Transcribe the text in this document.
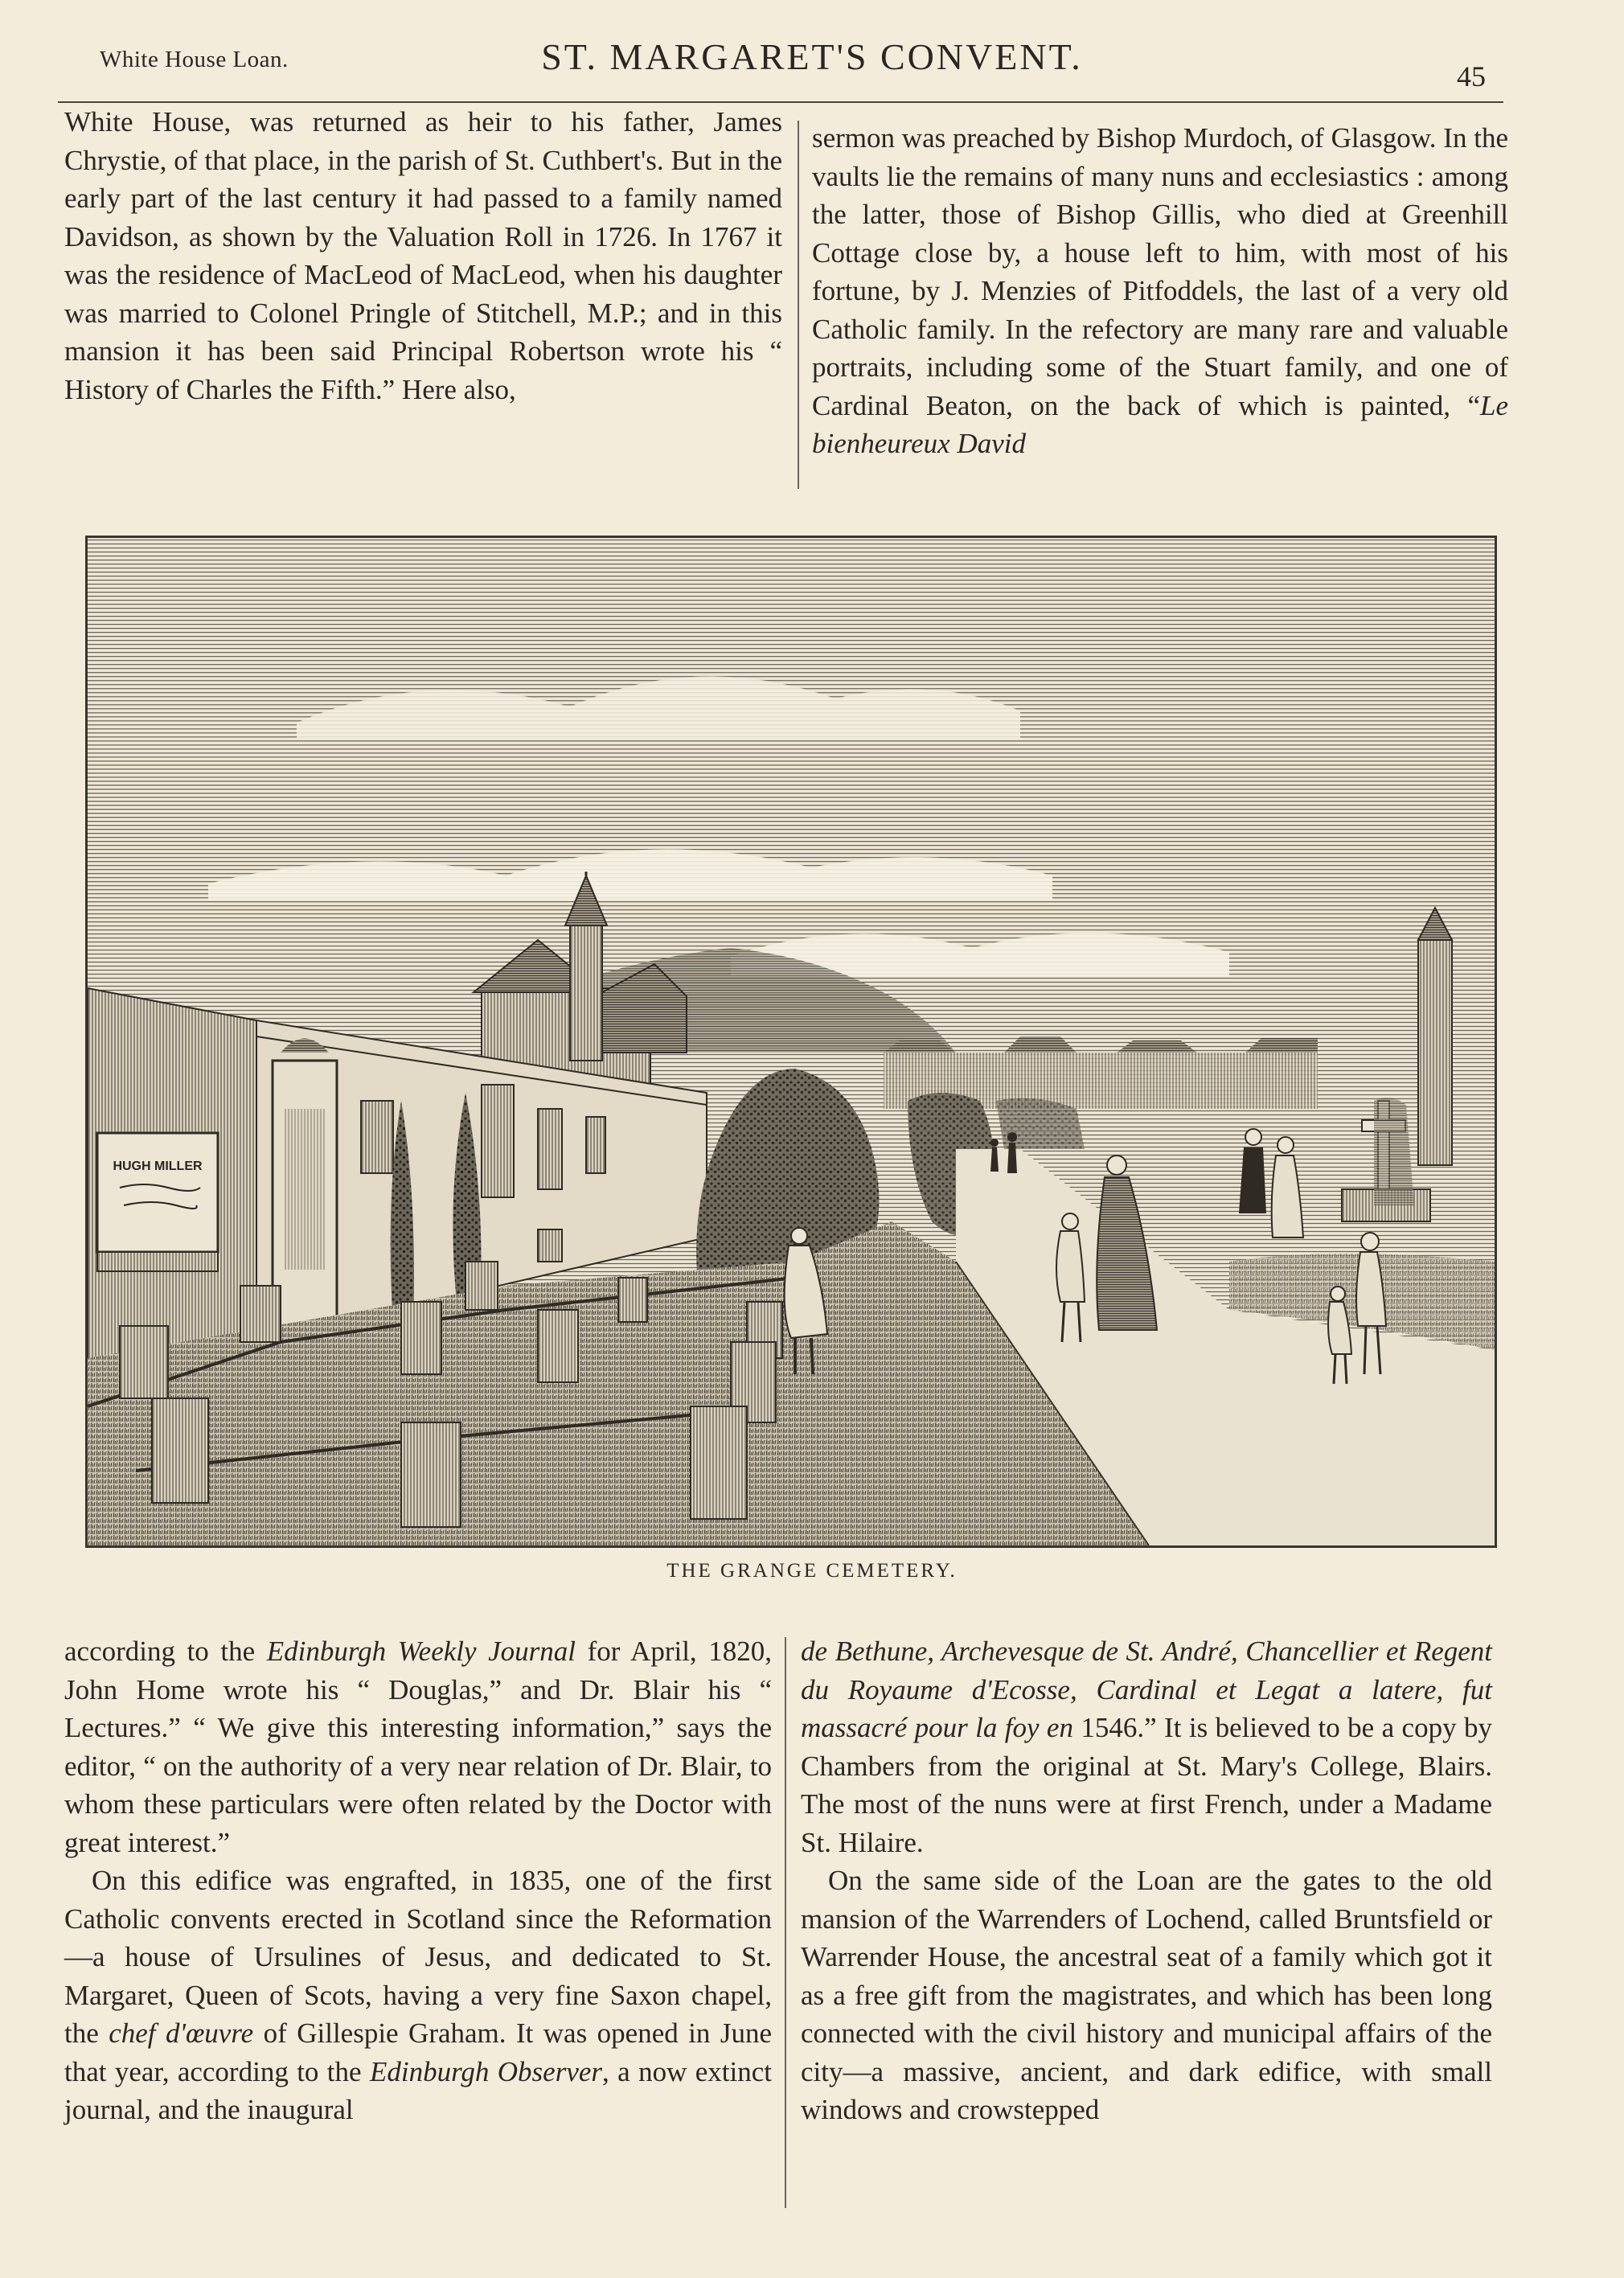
White House Loan.	ST. MARGARET'S CONVENT.	45

White House, was returned as heir to his father, James Chrystie, of that place, in the parish of St. Cuthbert's. But in the early part of the last century it had passed to a family named Davidson, as shown by the Valuation Roll in 1726. In 1767 it was the residence of MacLeod of MacLeod, when his daughter was married to Colonel Pringle of Stitchell, M.P.; and in this mansion it has been said Principal Robertson wrote his “ History of Charles the Fifth.” Here also,

sermon was preached by Bishop Murdoch, of Glasgow. In the vaults lie the remains of many nuns and ecclesiastics : among the latter, those of Bishop Gillis, who died at Greenhill Cottage close by, a house left to him, with most of his fortune, by J. Menzies of Pitfoddels, the last of a very old Catholic family. In the refectory are many rare and valuable portraits, including some of the Stuart family, and one of Cardinal Beaton, on the back of which is painted, “Le bienheureux David

HUGH MILLER
THE GRANGE CEMETERY.

according to the Edinburgh Weekly Journal for April, 1820, John Home wrote his “ Douglas,” and Dr. Blair his “ Lectures.” “ We give this interesting information,” says the editor, “ on the authority of a very near relation of Dr. Blair, to whom these particulars were often related by the Doctor with great interest.”

On this edifice was engrafted, in 1835, one of the first Catholic convents erected in Scotland since the Reformation—a house of Ursulines of Jesus, and dedicated to St. Margaret, Queen of Scots, having a very fine Saxon chapel, the chef d'œuvre of Gillespie Graham. It was opened in June that year, according to the Edinburgh Observer, a now extinct journal, and the inaugural

de Bethune, Archevesque de St. André, Chancellier et Regent du Royaume d'Ecosse, Cardinal et Legat a latere, fut massacré pour la foy en 1546.” It is believed to be a copy by Chambers from the original at St. Mary's College, Blairs. The most of the nuns were at first French, under a Madame St. Hilaire.

On the same side of the Loan are the gates to the old mansion of the Warrenders of Lochend, called Bruntsfield or Warrender House, the ancestral seat of a family which got it as a free gift from the magistrates, and which has been long connected with the civil history and municipal affairs of the city—a massive, ancient, and dark edifice, with small windows and crowstepped
